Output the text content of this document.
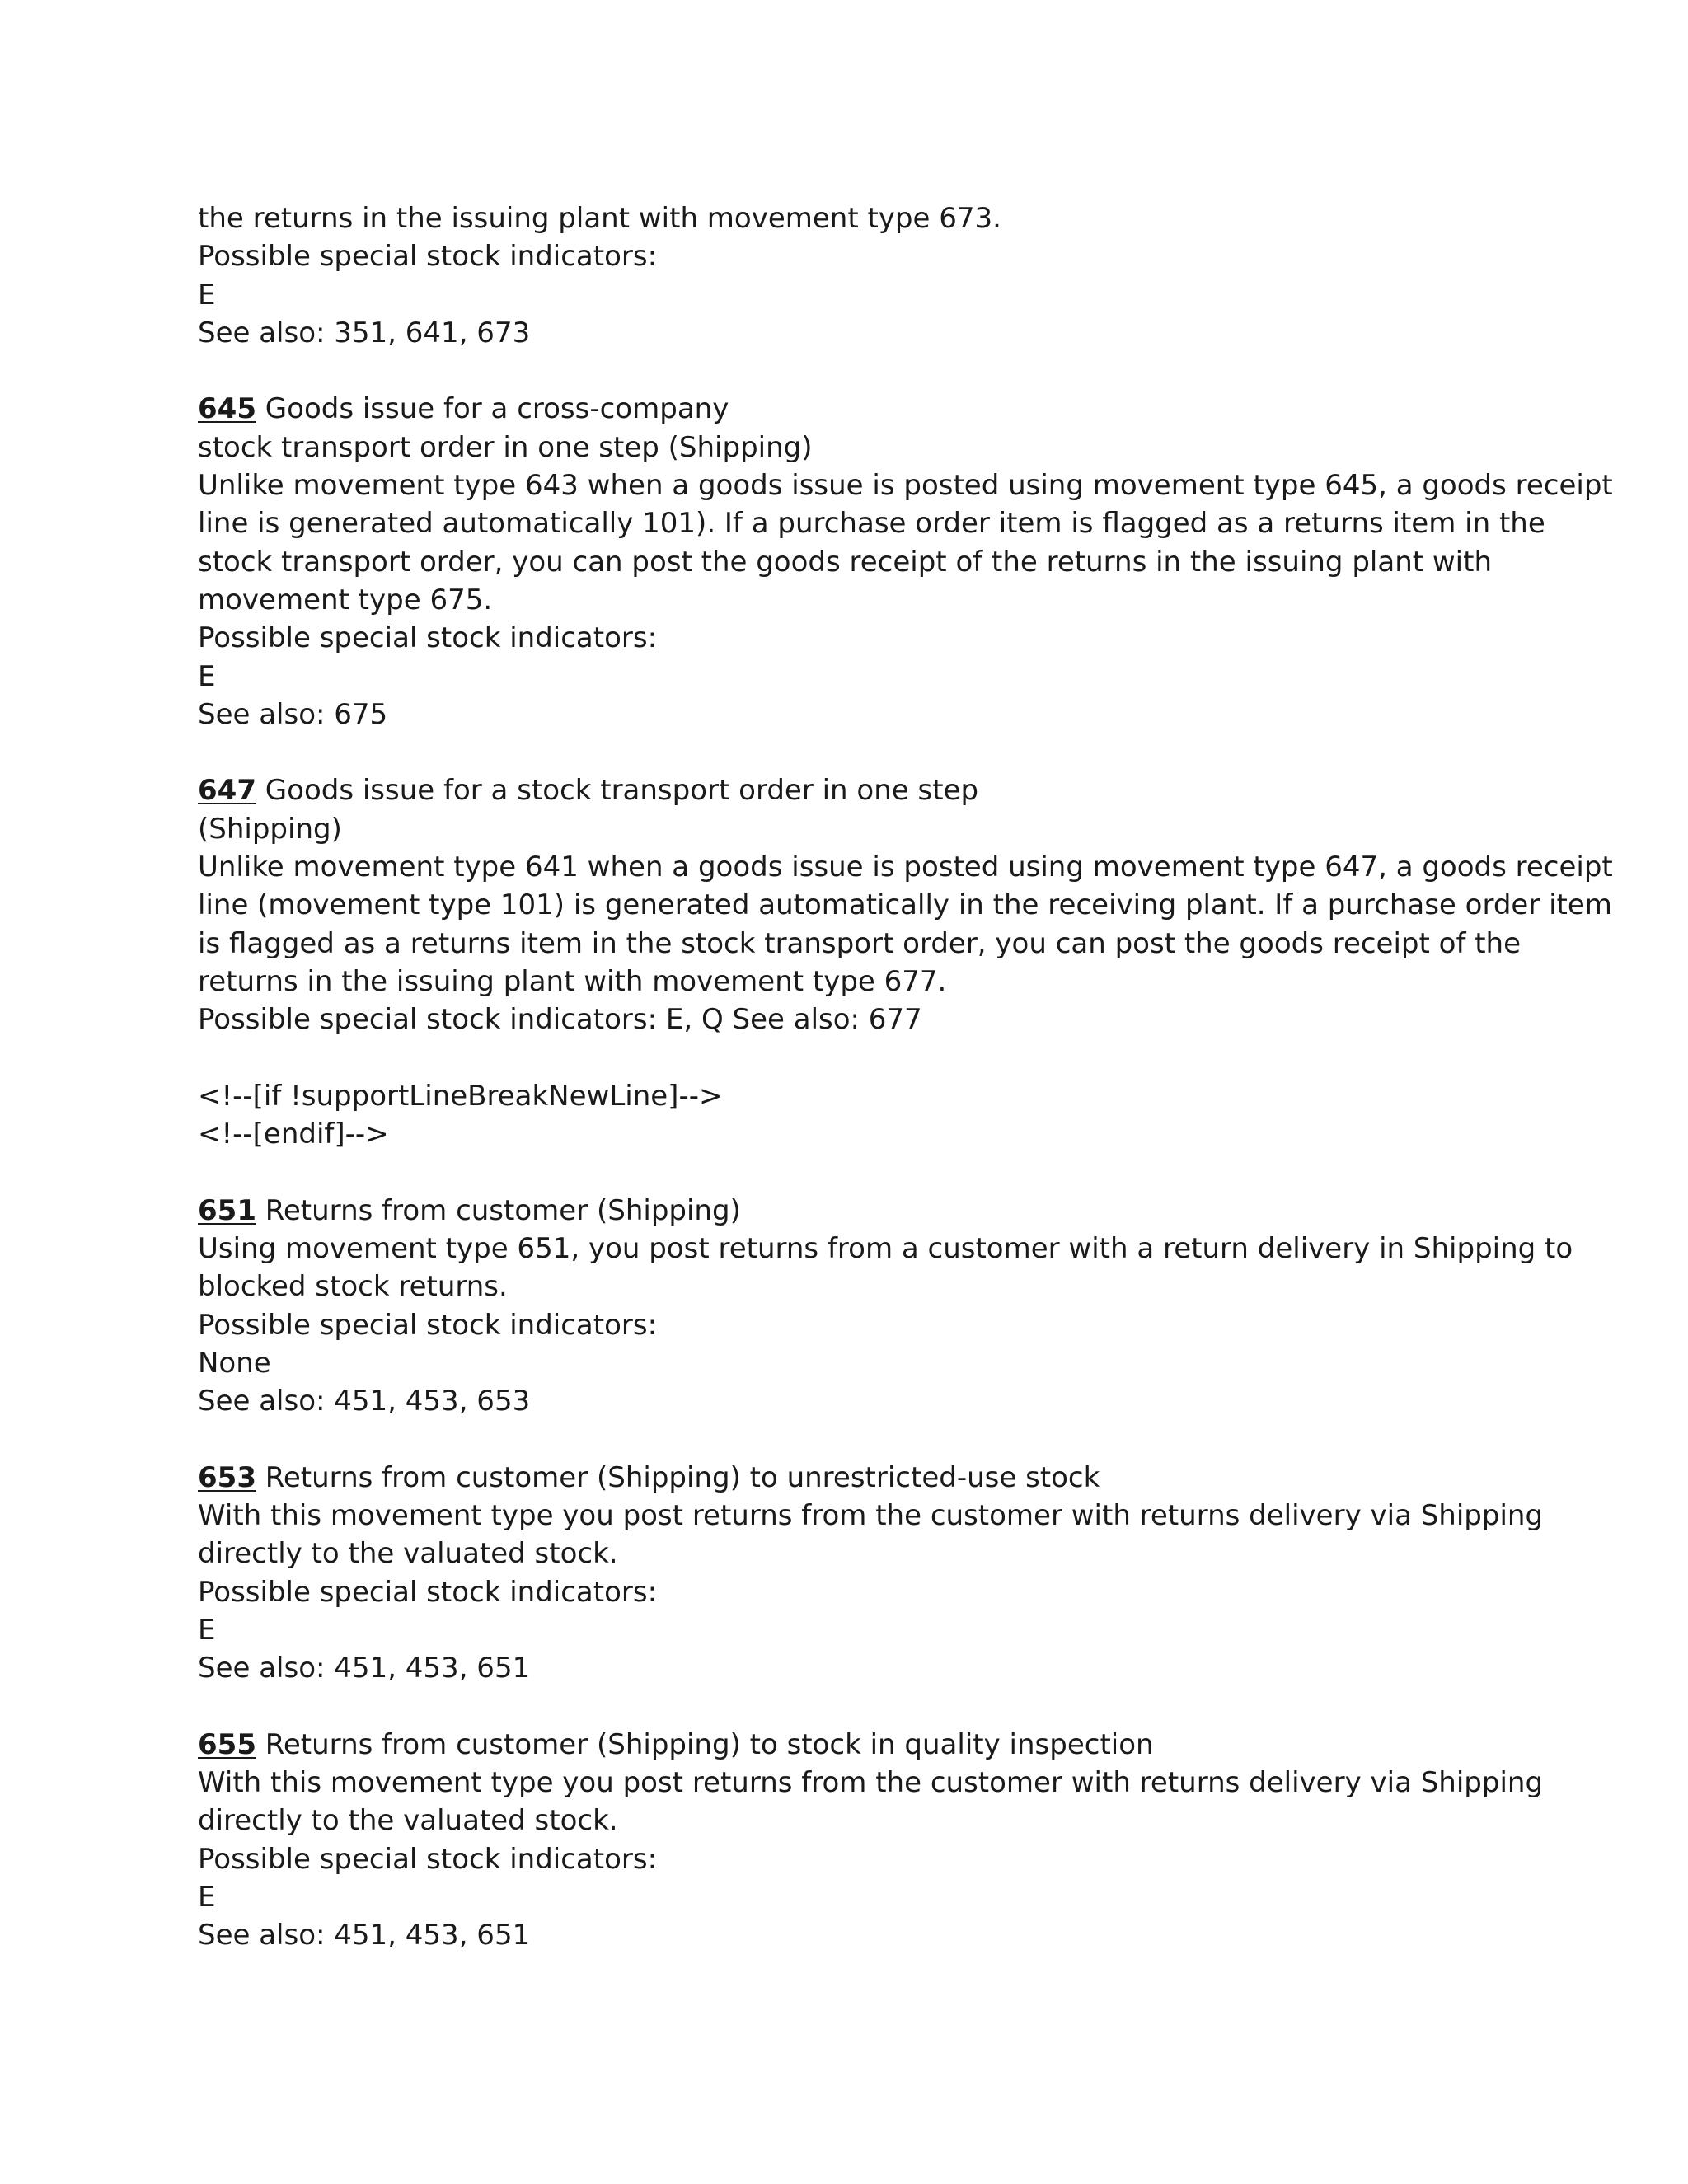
the returns in the issuing plant with movement type 673.
Possible special stock indicators:
E
See also: 351, 641, 673
645 Goods issue for a cross-company
stock transport order in one step (Shipping)
Unlike movement type 643 when a goods issue is posted using movement type 645, a goods receipt
line is generated automatically 101). If a purchase order item is flagged as a returns item in the
stock transport order, you can post the goods receipt of the returns in the issuing plant with
movement type 675.
Possible special stock indicators:
E
See also: 675
647 Goods issue for a stock transport order in one step
(Shipping)
Unlike movement type 641 when a goods issue is posted using movement type 647, a goods receipt
line (movement type 101) is generated automatically in the receiving plant. If a purchase order item
is flagged as a returns item in the stock transport order, you can post the goods receipt of the
returns in the issuing plant with movement type 677.
Possible special stock indicators: E, Q See also: 677
<!--[if !supportLineBreakNewLine]-->
<!--[endif]-->
651 Returns from customer (Shipping)
Using movement type 651, you post returns from a customer with a return delivery in Shipping to
blocked stock returns.
Possible special stock indicators:
None
See also: 451, 453, 653
653 Returns from customer (Shipping) to unrestricted-use stock
With this movement type you post returns from the customer with returns delivery via Shipping
directly to the valuated stock.
Possible special stock indicators:
E
See also: 451, 453, 651
655 Returns from customer (Shipping) to stock in quality inspection
With this movement type you post returns from the customer with returns delivery via Shipping
directly to the valuated stock.
Possible special stock indicators:
E
See also: 451, 453, 651
